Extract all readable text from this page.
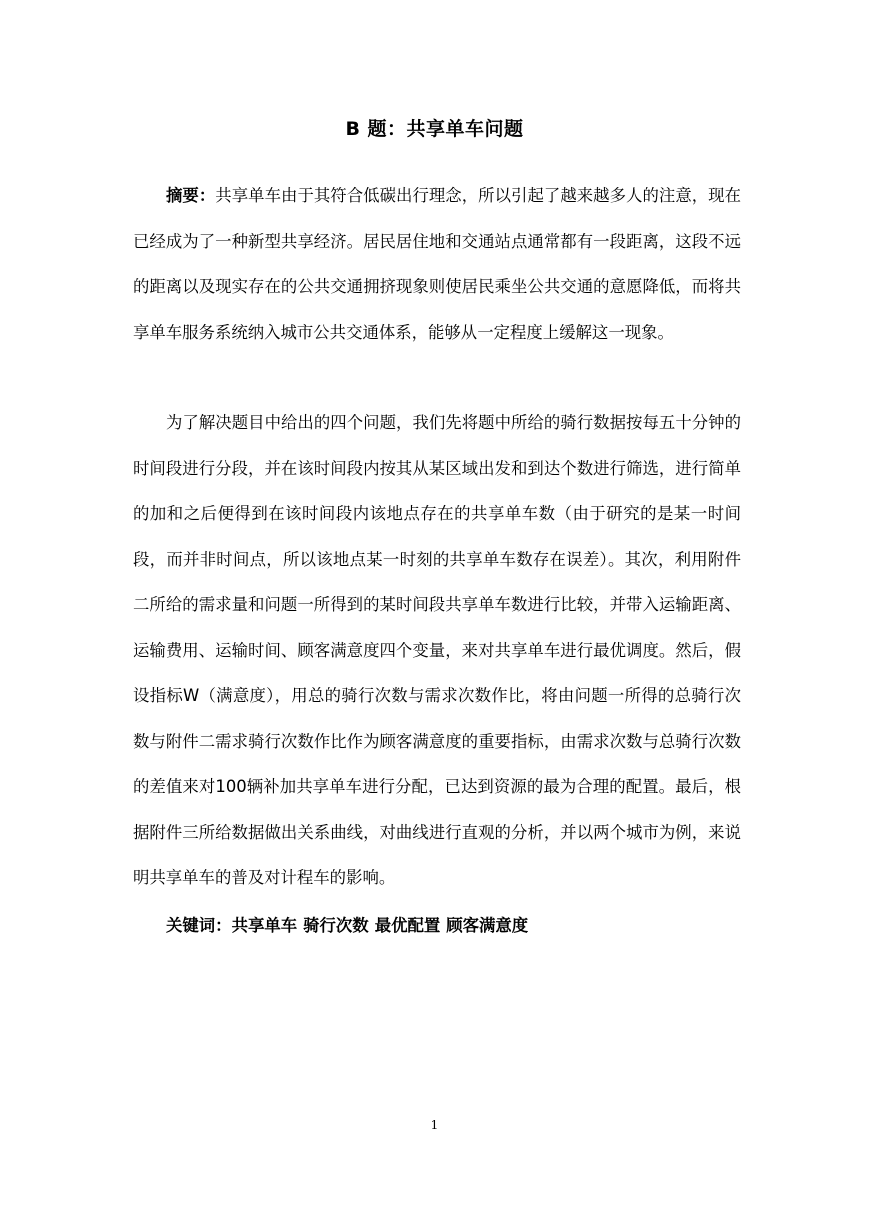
B 题：共享单车问题

摘要：共享单车由于其符合低碳出行理念，所以引起了越来越多人的注意，现在已经成为了一种新型共享经济。居民居住地和交通站点通常都有一段距离，这段不远的距离以及现实存在的公共交通拥挤现象则使居民乘坐公共交通的意愿降低，而将共享单车服务系统纳入城市公共交通体系，能够从一定程度上缓解这一现象。

为了解决题目中给出的四个问题，我们先将题中所给的骑行数据按每五十分钟的时间段进行分段，并在该时间段内按其从某区域出发和到达个数进行筛选，进行简单的加和之后便得到在该时间段内该地点存在的共享单车数（由于研究的是某一时间段，而并非时间点，所以该地点某一时刻的共享单车数存在误差）。其次，利用附件二所给的需求量和问题一所得到的某时间段共享单车数进行比较，并带入运输距离、运输费用、运输时间、顾客满意度四个变量，来对共享单车进行最优调度。然后，假设指标W（满意度），用总的骑行次数与需求次数作比，将由问题一所得的总骑行次数与附件二需求骑行次数作比作为顾客满意度的重要指标，由需求次数与总骑行次数的差值来对100辆补加共享单车进行分配，已达到资源的最为合理的配置。最后，根据附件三所给数据做出关系曲线，对曲线进行直观的分析，并以两个城市为例，来说明共享单车的普及对计程车的影响。

关键词：共享单车 骑行次数 最优配置 顾客满意度
1
